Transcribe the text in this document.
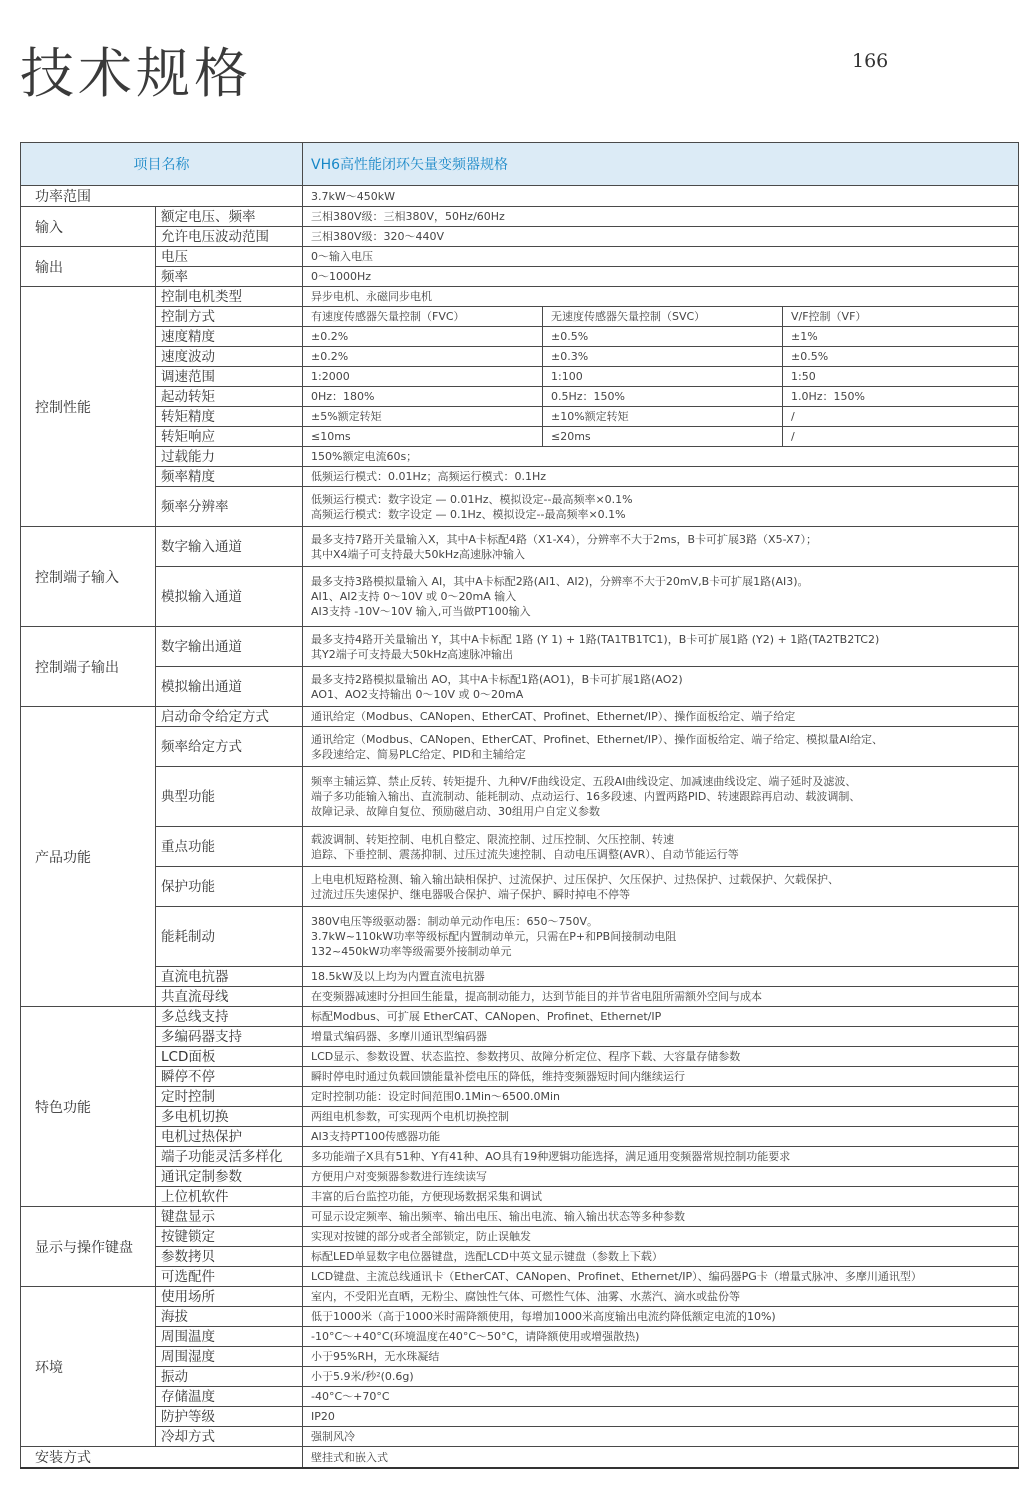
技术规格	166
项目名称		VH6高性能闭环矢量变频器规格		
功率范围		3.7kW～450kW		
输入	额定电压、频率	三相380V级：三相380V，50Hz/60Hz		
	允许电压波动范围	三相380V级：320～440V		
输出	电压	0～输入电压		
	频率	0～1000Hz		
控制性能	控制电机类型	异步电机、永磁同步电机		
	控制方式	有速度传感器矢量控制（FVC）	无速度传感器矢量控制（SVC）	V/F控制（VF）
	速度精度	±0.2%	±0.5%	±1%
	速度波动	±0.2%	±0.3%	±0.5%
	调速范围	1:2000	1:100	1:50
	起动转矩	0Hz：180%	0.5Hz：150%	1.0Hz：150%
	转矩精度	±5%额定转矩	±10%额定转矩	/
	转矩响应	≤10ms	≤20ms	/
	过载能力	150%额定电流60s；		
	频率精度	低频运行模式：0.01Hz；高频运行模式：0.1Hz		
	频率分辨率	低频运行模式：数字设定 — 0.01Hz、模拟设定--最高频率×0.1%
高频运行模式：数字设定 — 0.1Hz、模拟设定--最高频率×0.1%		
控制端子输入	数字输入通道	最多支持7路开关量输入X，其中A卡标配4路（X1-X4），分辨率不大于2ms，B卡可扩展3路（X5-X7）；
其中X4端子可支持最大50kHz高速脉冲输入		
	模拟输入通道	最多支持3路模拟量输入 AI，其中A卡标配2路(AI1、AI2)，分辨率不大于20mV,B卡可扩展1路(AI3)。
AI1、AI2支持 0～10V 或 0～20mA 输入
AI3支持 -10V～10V 输入,可当做PT100输入		
控制端子输出	数字输出通道	最多支持4路开关量输出 Y，其中A卡标配 1路 (Y 1) + 1路(TA1TB1TC1)，B卡可扩展1路 (Y2) + 1路(TA2TB2TC2)
其Y2端子可支持最大50kHz高速脉冲输出		
	模拟输出通道	最多支持2路模拟量输出 AO，其中A卡标配1路(AO1)，B卡可扩展1路(AO2)
AO1、AO2支持输出 0～10V 或 0～20mA		
产品功能	启动命令给定方式	通讯给定（Modbus、CANopen、EtherCAT、Profinet、Ethernet/IP）、操作面板给定、端子给定		
	频率给定方式	通讯给定（Modbus、CANopen、EtherCAT、Profinet、Ethernet/IP）、操作面板给定、端子给定、模拟量AI给定、
多段速给定、简易PLC给定、PID和主辅给定		
	典型功能	频率主辅运算、禁止反转、转矩提升、九种V/F曲线设定、五段AI曲线设定、加减速曲线设定、端子延时及滤波、
端子多功能输入输出、直流制动、能耗制动、点动运行、16多段速、内置两路PID、转速跟踪再启动、载波调制、
故障记录、故障自复位、预励磁启动、30组用户自定义参数		
	重点功能	载波调制、转矩控制、电机自整定、限流控制、过压控制、欠压控制、转速
追踪、下垂控制、震荡抑制、过压过流失速控制、自动电压调整(AVR）、自动节能运行等		
	保护功能	上电电机短路检测、输入输出缺相保护、过流保护、过压保护、欠压保护、过热保护、过载保护、欠载保护、
过流过压失速保护、继电器吸合保护、端子保护、瞬时掉电不停等		
	能耗制动	380V电压等级驱动器：制动单元动作电压：650～750V。
3.7kW~110kW功率等级标配内置制动单元，只需在P+和PB间接制动电阻
132~450kW功率等级需要外接制动单元		
	直流电抗器	18.5kW及以上均为内置直流电抗器		
	共直流母线	在变频器减速时分担回生能量，提高制动能力，达到节能目的并节省电阻所需额外空间与成本		
特色功能	多总线支持	标配Modbus、可扩展 EtherCAT、CANopen、Profinet、Ethernet/IP		
	多编码器支持	增量式编码器、多摩川通讯型编码器		
	LCD面板	LCD显示、参数设置、状态监控、参数拷贝、故障分析定位、程序下载、大容量存储参数		
	瞬停不停	瞬时停电时通过负载回馈能量补偿电压的降低，维持变频器短时间内继续运行		
	定时控制	定时控制功能：设定时间范围0.1Min～6500.0Min		
	多电机切换	两组电机参数，可实现两个电机切换控制		
	电机过热保护	AI3支持PT100传感器功能		
	端子功能灵活多样化	多功能端子X具有51种、Y有41种、AO具有19种逻辑功能选择，满足通用变频器常规控制功能要求		
	通讯定制参数	方便用户对变频器参数进行连续读写		
	上位机软件	丰富的后台监控功能，方便现场数据采集和调试		
显示与操作键盘	键盘显示	可显示设定频率、输出频率、输出电压、输出电流、输入输出状态等多种参数		
	按键锁定	实现对按键的部分或者全部锁定，防止误触发		
	参数拷贝	标配LED单显数字电位器键盘，选配LCD中英文显示键盘（参数上下载）		
	可选配件	LCD键盘、主流总线通讯卡（EtherCAT、CANopen、Profinet、Ethernet/IP）、编码器PG卡（增量式脉冲、多摩川通讯型）		
环境	使用场所	室内，不受阳光直晒，无粉尘、腐蚀性气体、可燃性气体、油雾、水蒸汽、滴水或盐份等		
	海拔	低于1000米（高于1000米时需降额使用，每增加1000米高度输出电流约降低额定电流的10%)		
	周围温度	-10°C～+40°C(环境温度在40°C～50°C，请降额使用或增强散热)		
	周围湿度	小于95%RH，无水珠凝结		
	振动	小于5.9米/秒²(0.6g)		
	存储温度	-40°C～+70°C		
	防护等级	IP20		
	冷却方式	强制风冷		
安装方式		壁挂式和嵌入式		
